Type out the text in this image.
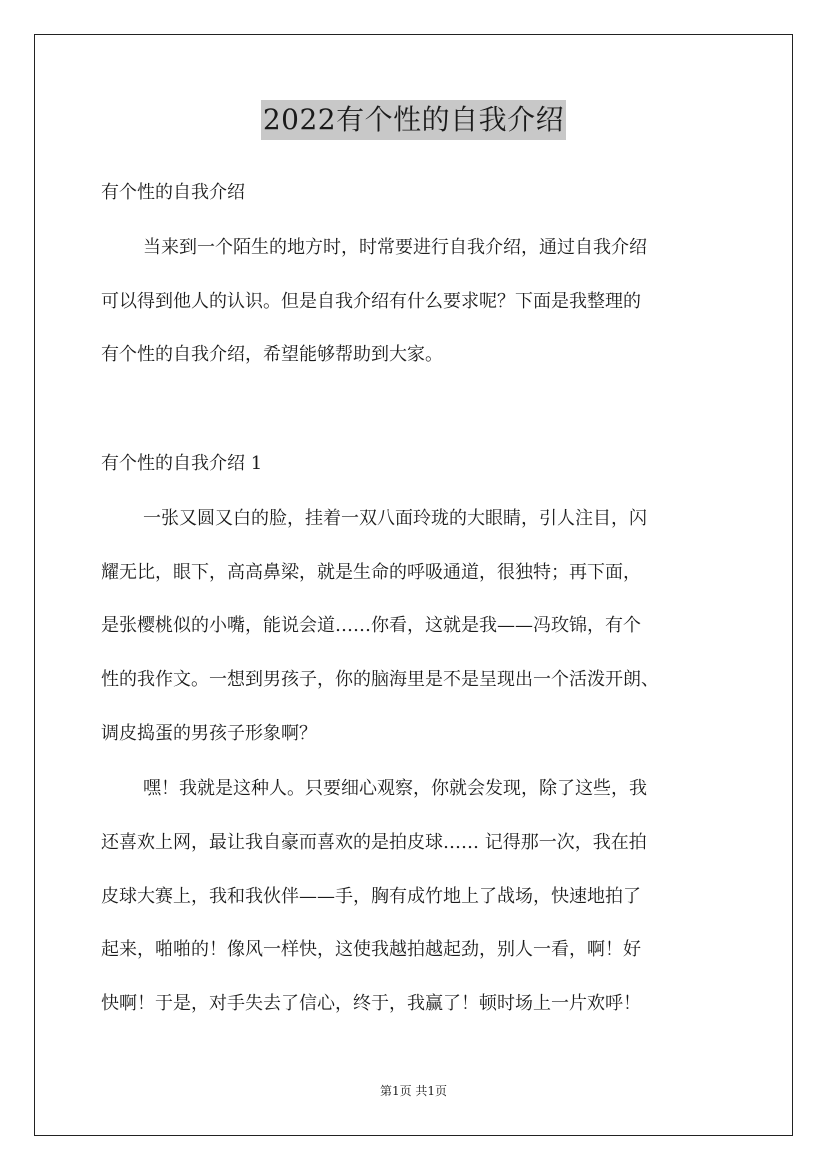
2022有个性的自我介绍
有个性的自我介绍
当来到一个陌生的地方时，时常要进行自我介绍，通过自我介绍
可以得到他人的认识。但是自我介绍有什么要求呢？下面是我整理的
有个性的自我介绍，希望能够帮助到大家。
有个性的自我介绍 1
一张又圆又白的脸，挂着一双八面玲珑的大眼睛，引人注目，闪
耀无比，眼下，高高鼻梁，就是生命的呼吸通道，很独特；再下面，
是张樱桃似的小嘴，能说会道……你看，这就是我——冯玫锦，有个
性的我作文。一想到男孩子，你的脑海里是不是呈现出一个活泼开朗、
调皮捣蛋的男孩子形象啊？
嘿！我就是这种人。只要细心观察，你就会发现，除了这些，我
还喜欢上网，最让我自豪而喜欢的是拍皮球…… 记得那一次，我在拍
皮球大赛上，我和我伙伴——手，胸有成竹地上了战场，快速地拍了
起来，啪啪的！像风一样快，这使我越拍越起劲，别人一看，啊！好
快啊！于是，对手失去了信心，终于，我赢了！顿时场上一片欢呼！
第1页 共1页
